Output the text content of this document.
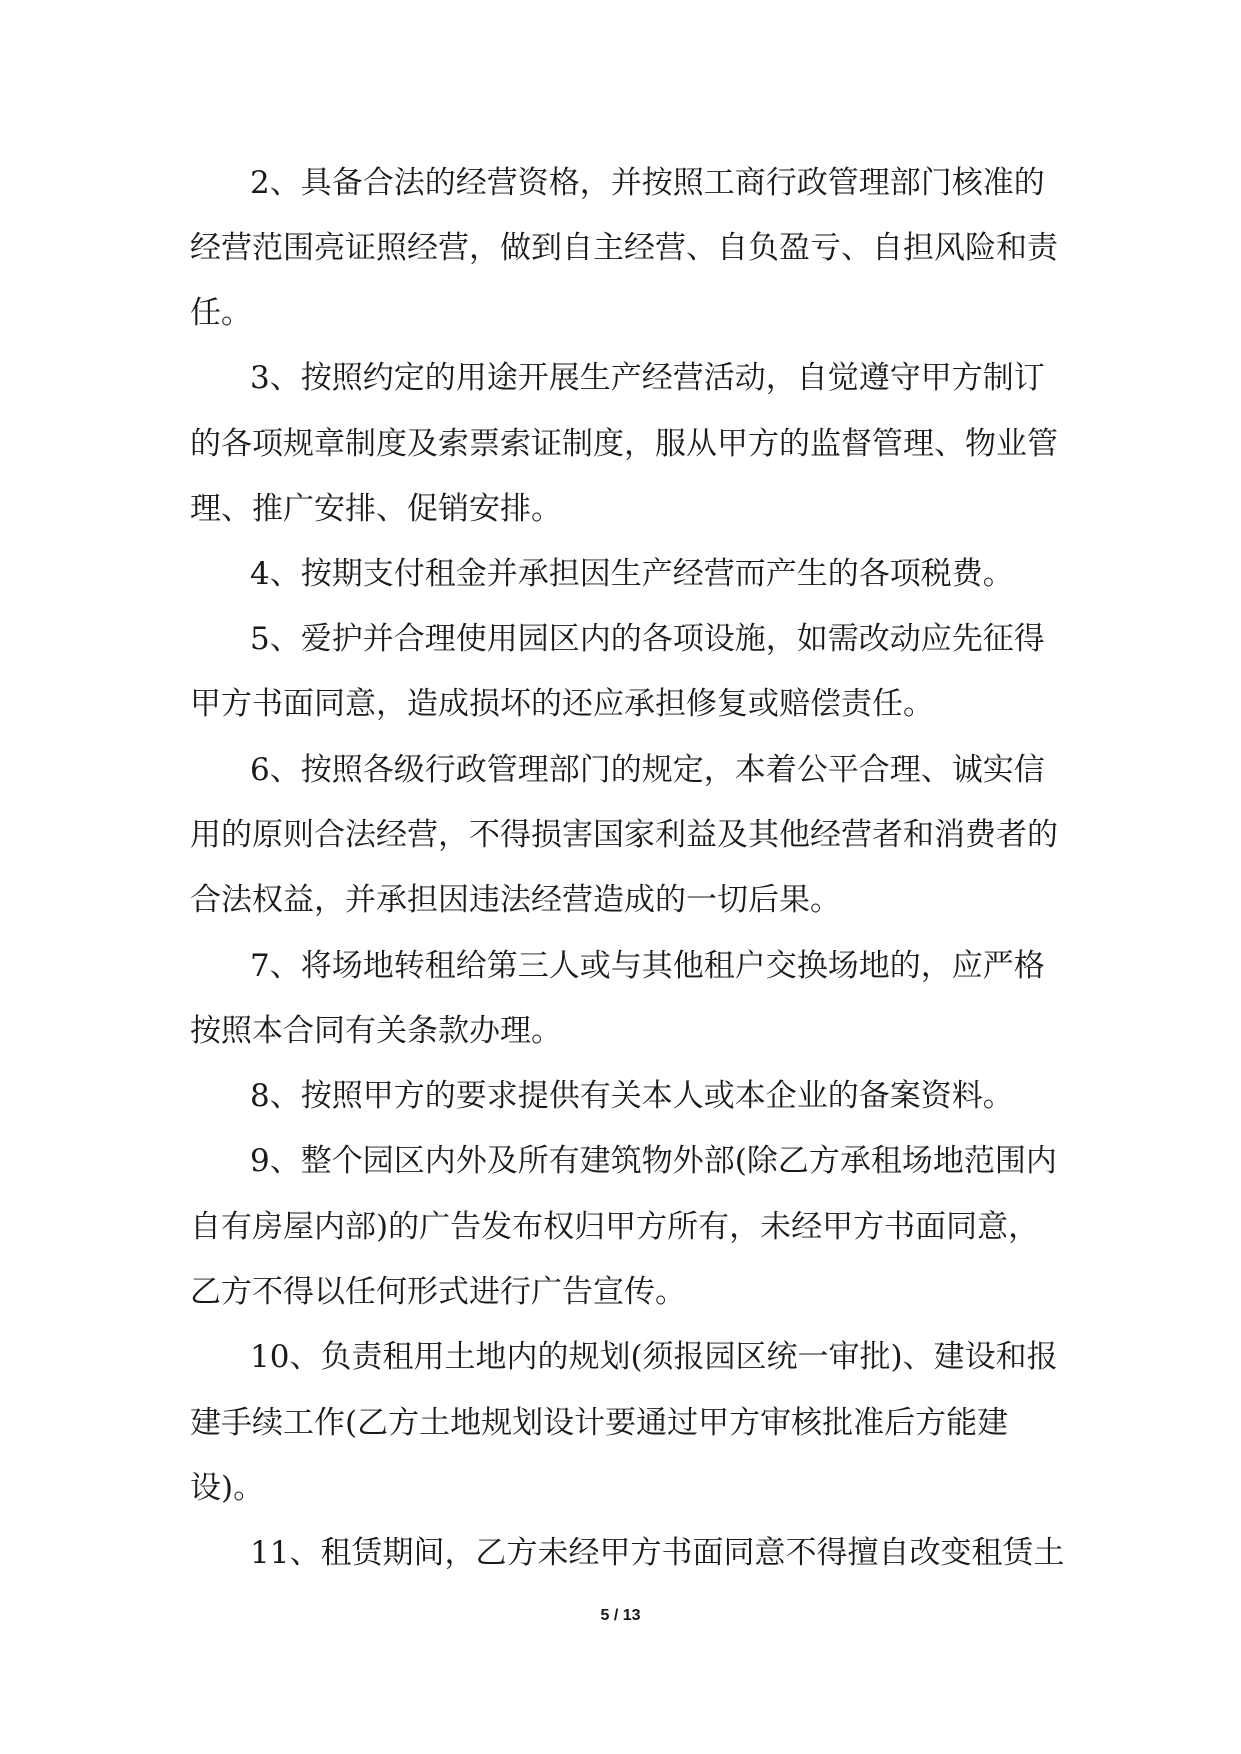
2、具备合法的经营资格，并按照工商行政管理部门核准的
经营范围亮证照经营，做到自主经营、自负盈亏、自担风险和责
任。
3、按照约定的用途开展生产经营活动，自觉遵守甲方制订
的各项规章制度及索票索证制度，服从甲方的监督管理、物业管
理、推广安排、促销安排。
4、按期支付租金并承担因生产经营而产生的各项税费。
5、爱护并合理使用园区内的各项设施，如需改动应先征得
甲方书面同意，造成损坏的还应承担修复或赔偿责任。
6、按照各级行政管理部门的规定，本着公平合理、诚实信
用的原则合法经营，不得损害国家利益及其他经营者和消费者的
合法权益，并承担因违法经营造成的一切后果。
7、将场地转租给第三人或与其他租户交换场地的，应严格
按照本合同有关条款办理。
8、按照甲方的要求提供有关本人或本企业的备案资料。
9、整个园区内外及所有建筑物外部(除乙方承租场地范围内
自有房屋内部)的广告发布权归甲方所有，未经甲方书面同意，
乙方不得以任何形式进行广告宣传。
10、负责租用土地内的规划(须报园区统一审批)、建设和报
建手续工作(乙方土地规划设计要通过甲方审核批准后方能建
设)。
11、租赁期间，乙方未经甲方书面同意不得擅自改变租赁土
5 / 13
